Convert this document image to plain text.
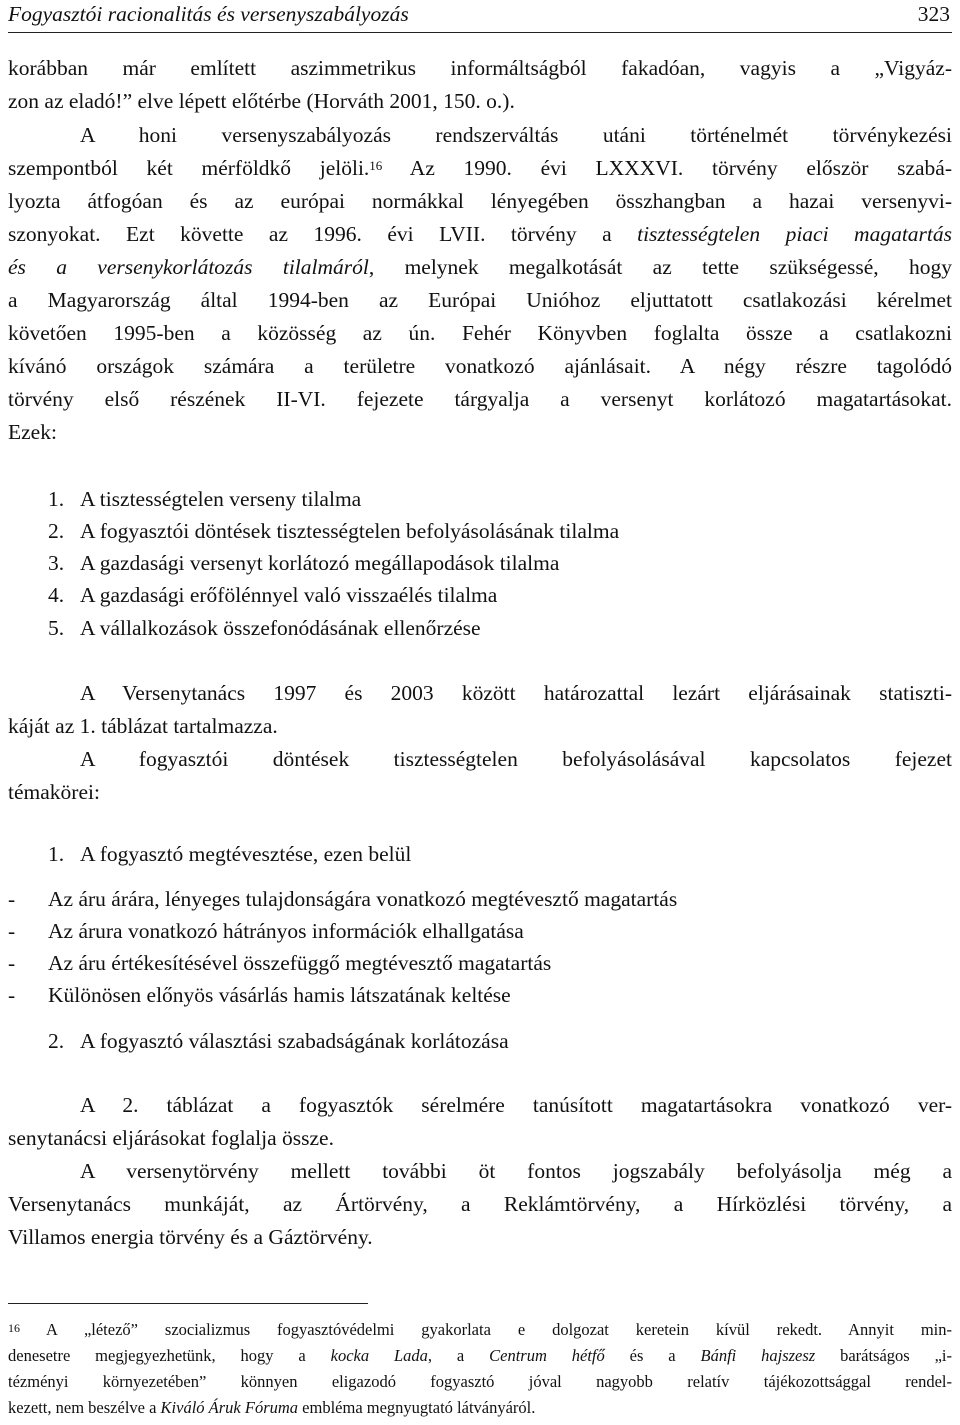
Fogyasztói racionalitás és versenyszabályozás	323
korábban már említett aszimmetrikus informáltságból fakadóan, vagyis a „Vigyáz-
zon az eladó!” elve lépett előtérbe (Horváth 2001, 150. o.).
A honi versenyszabályozás rendszerváltás utáni történelmét törvénykezési
szempontból két mérföldkő jelöli.$^{16}$ Az 1990. évi LXXXVI. törvény először szabá-
lyozta átfogóan és az európai normákkal lényegében összhangban a hazai versenyvi-
szonyokat. Ezt követte az 1996. évi LVII. törvény a tisztességtelen piaci magatartás
és a versenykorlátozás tilalmáról, melynek megalkotását az tette szükségessé, hogy
a Magyarország által 1994-ben az Európai Unióhoz eljuttatott csatlakozási kérelmet
követően 1995-ben a közösség az ún. Fehér Könyvben foglalta össze a csatlakozni
kívánó országok számára a területre vonatkozó ajánlásait. A négy részre tagolódó
törvény első részének II-VI. fejezete tárgyalja a versenyt korlátozó magatartásokat.
Ezek:
1. A tisztességtelen verseny tilalma
2. A fogyasztói döntések tisztességtelen befolyásolásának tilalma
3. A gazdasági versenyt korlátozó megállapodások tilalma
4. A gazdasági erőfölénnyel való visszaélés tilalma
5. A vállalkozások összefonódásának ellenőrzése
A Versenytanács 1997 és 2003 között határozattal lezárt eljárásainak statiszti-
káját az 1. táblázat tartalmazza.
A fogyasztói döntések tisztességtelen befolyásolásával kapcsolatos fejezet
témakörei:
1. A fogyasztó megtévesztése, ezen belül
- Az áru árára, lényeges tulajdonságára vonatkozó megtévesztő magatartás
- Az árura vonatkozó hátrányos információk elhallgatása
- Az áru értékesítésével összefüggő megtévesztő magatartás
- Különösen előnyös vásárlás hamis látszatának keltése
2. A fogyasztó választási szabadságának korlátozása
A 2. táblázat a fogyasztók sérelmére tanúsított magatartásokra vonatkozó ver-
senytanácsi eljárásokat foglalja össze.
A versenytörvény mellett további öt fontos jogszabály befolyásolja még a
Versenytanács munkáját, az Ártörvény, a Reklámtörvény, a Hírközlési törvény, a
Villamos energia törvény és a Gáztörvény.
$^{16}$ A „létező” szocializmus fogyasztóvédelmi gyakorlata e dolgozat keretein kívül rekedt. Annyit min-
denesetre megjegyezhetünk, hogy a kocka Lada, a Centrum hétfő és a Bánfi hajszesz barátságos „i-
tézményi környezetében” könnyen eligazodó fogyasztó jóval nagyobb relatív tájékozottsággal rendel-
kezett, nem beszélve a Kiváló Áruk Fóruma embléma megnyugtató látványáról.
